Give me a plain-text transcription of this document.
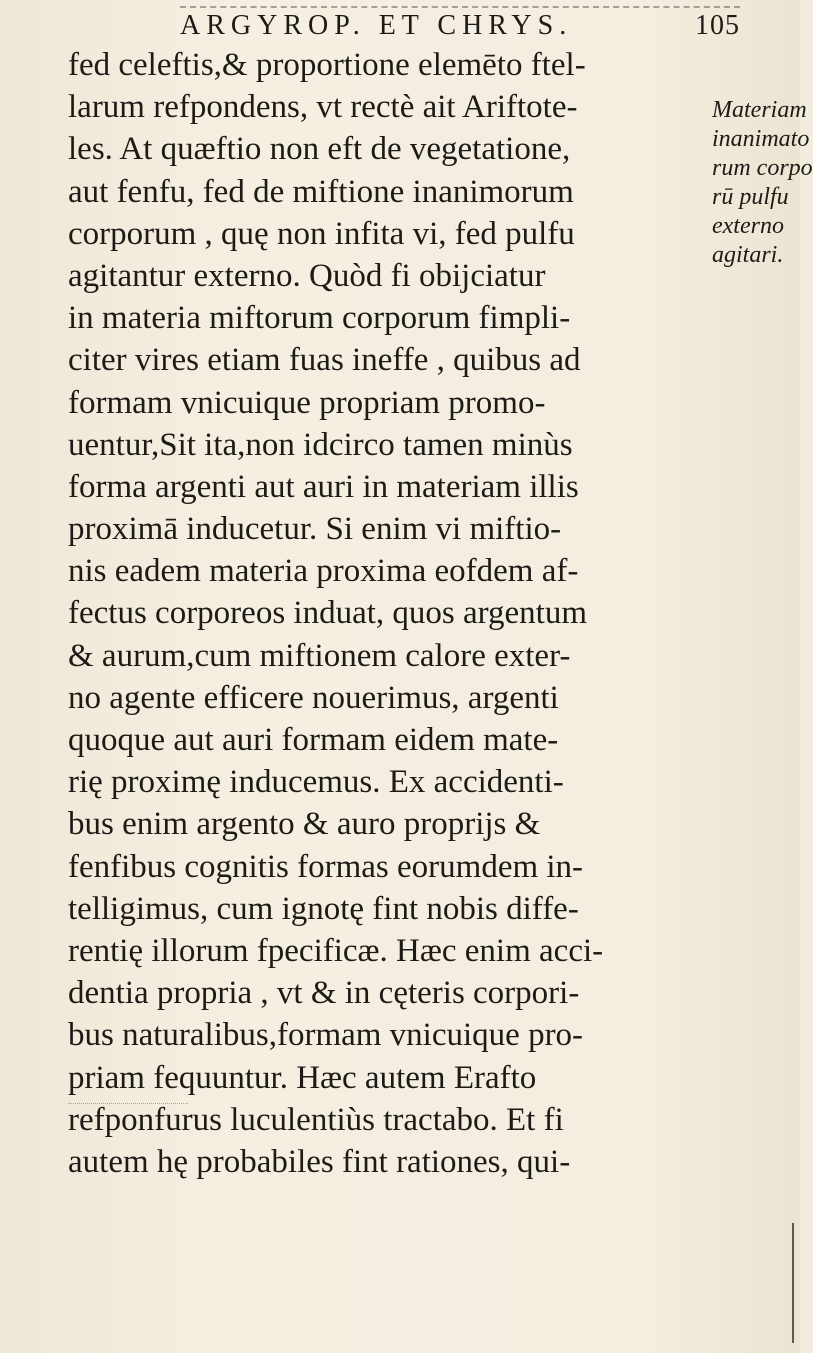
ARGYROP. ET CHRYS.	105
fed celeftis,& proportione elemēto ftel-
larum refpondens, vt rectè ait Ariftote-
les. At quæftio non eft de vegetatione,
aut fenfu, fed de miftione inanimorum
corporum , quę non infita vi, fed pulfu
agitantur externo. Quòd fi obijciatur
in materia miftorum corporum fimpli-
citer vires etiam fuas ineffe , quibus ad
formam vnicuique propriam promo-
uentur,Sit ita,non idcirco tamen minùs
forma argenti aut auri in materiam illis
proximā inducetur. Si enim vi miftio-
nis eadem materia proxima eofdem af-
fectus corporeos induat, quos argentum
& aurum,cum miftionem calore exter-
no agente efficere nouerimus, argenti
quoque aut auri formam eidem mate-
rię proximę inducemus. Ex accidenti-
bus enim argento & auro proprijs &
fenfibus cognitis formas eorumdem in-
telligimus, cum ignotę fint nobis diffe-
rentię illorum fpecificæ. Hæc enim acci-
dentia propria , vt & in cęteris corpori-
bus naturalibus,formam vnicuique pro-
priam fequuntur. Hæc autem Erafto
refponfurus luculentiùs tractabo. Et fi
autem hę probabiles fint rationes, qui-
Materiam
inanimato
rum corpo
rū pulfu
externo
agitari.
